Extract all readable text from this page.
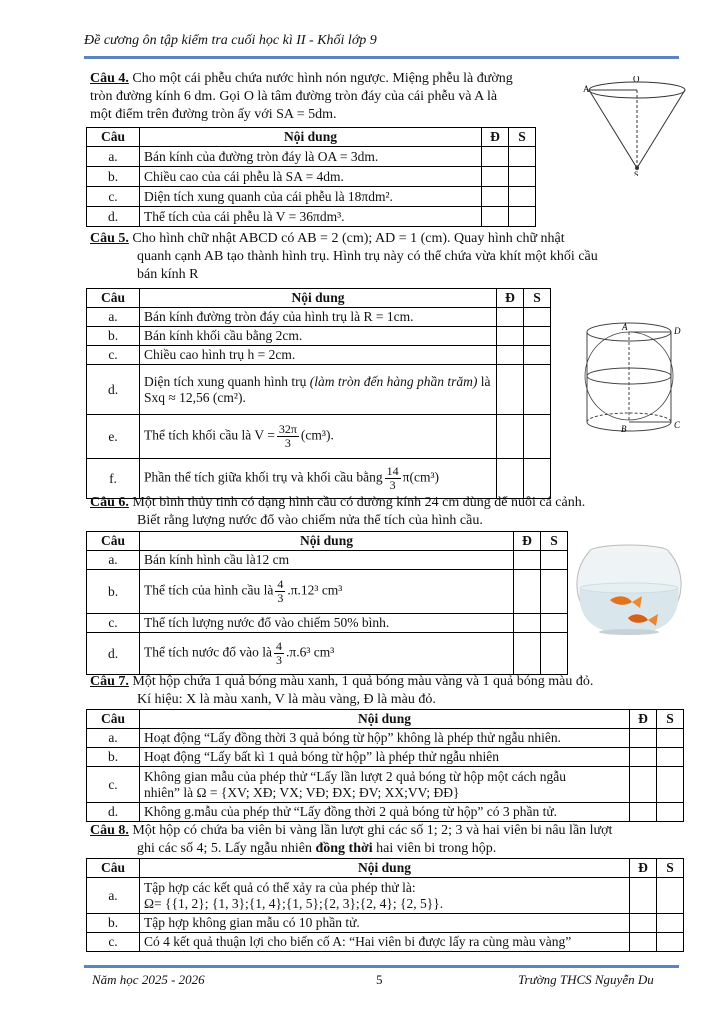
Đề cương ôn tập kiểm tra cuối học kì II - Khối lớp 9
Câu 4. Cho một cái phễu chứa nước hình nón ngược. Miệng phễu là đường
tròn đường kính 6 dm. Gọi O là tâm đường tròn đáy của cái phễu và A là
một điểm trên đường tròn ấy với SA = 5dm.
A
O
S
Câu	Nội dung	Đ	S
a.	Bán kính của đường tròn đáy là OA = 3dm.		
b.	Chiều cao của cái phễu là SA = 4dm.		
c.	Diện tích xung quanh của cái phễu là 18πdm².		
d.	Thể tích của cái phễu là V = 36πdm³.		
Câu 5. Cho hình chữ nhật ABCD có AB = 2 (cm); AD = 1 (cm). Quay hình chữ nhật
quanh cạnh AB tạo thành hình trụ. Hình trụ này có thể chứa vừa khít một khối cầu
bán kính R
Câu	Nội dung	Đ	S
a.	Bán kính đường tròn đáy của hình trụ là R = 1cm.		
b.	Bán kính khối cầu bằng 2cm.		
c.	Chiều cao hình trụ h = 2cm.		
d.	Diện tích xung quanh hình trụ (làm tròn đến hàng phần trăm) là Sxq ≈ 12,56 (cm²).		
e.	Thể tích khối cầu là $V = \frac{32\pi}{3} (cm^3)$.		
f.	Phần thể tích giữa khối trụ và khối cầu bằng $\frac{14}{3} \pi(cm^3)$		
A	D
B	C
Câu 6. Một bình thủy tinh có dạng hình cầu có đường kính 24 cm dùng để nuôi cá cảnh.
Biết rằng lượng nước đổ vào chiếm nửa thể tích của hình cầu.
Câu	Nội dung	Đ	S
a.	Bán kính hình cầu là12 cm		
b.	Thể tích của hình cầu là $\frac{4}{3} .\pi.12^3$ cm³		
c.	Thể tích lượng nước đổ vào chiếm 50% bình.		
d.	Thể tích nước đổ vào là $\frac{4}{3} .\pi.6^3$ cm³		
Câu 7. Một hộp chứa 1 quả bóng màu xanh, 1 quả bóng màu vàng và 1 quả bóng màu đỏ.
Kí hiệu: X là màu xanh, V là màu vàng, Đ là màu đỏ.
Câu	Nội dung	Đ	S
a.	Hoạt động “Lấy đồng thời 3 quả bóng từ hộp” không là phép thử ngẫu nhiên.		
b.	Hoạt động “Lấy bất kì 1 quả bóng từ hộp” là phép thử ngẫu nhiên		
c.	Không gian mẫu của phép thử “Lấy lần lượt 2 quả bóng từ hộp một cách ngẫu
nhiên” là Ω = {XV; XĐ; VX; VĐ; ĐX; ĐV; XX;VV; ĐĐ}		

d.	Không g.mẫu của phép thử “Lấy đồng thời 2 quả bóng từ hộp” có 3 phần tử.		
Câu 8. Một hộp có chứa ba viên bi vàng lần lượt ghi các số 1; 2; 3 và hai viên bi nâu lần lượt
ghi các số 4; 5. Lấy ngẫu nhiên đồng thời hai viên bi trong hộp.
Câu	Nội dung	Đ	S
a.	Tập hợp các kết quả có thể xảy ra của phép thử là:
Ω= {{1, 2}; {1, 3};{1, 4};{1, 5};{2, 3};{2, 4}; {2, 5}}.		

b.	Tập hợp không gian mẫu có 10 phần tử.		
c.	Có 4 kết quả thuận lợi cho biến cố A: “Hai viên bi được lấy ra cùng màu vàng”		
Năm học 2025 - 2026	5	Trường THCS Nguyễn Du
